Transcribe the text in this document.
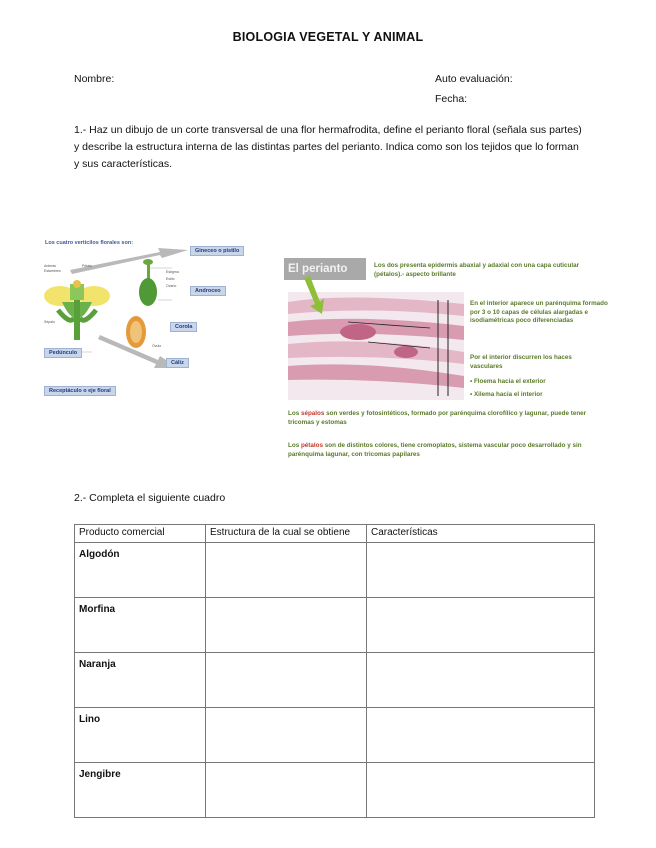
BIOLOGIA VEGETAL Y ANIMAL
Nombre:	Auto evaluación:
Fecha:
1.- Haz un dibujo de un corte transversal de una flor hermafrodita, define el perianto floral (señala sus partes) y describe la estructura interna de las distintas partes del perianto. Indica como son los tejidos que lo forman y sus características.
Los cuatro verticilos florales son:
Gineceo o pistilo
Androceo
Corola
Pedúnculo
Cáliz
Receptáculo o eje floral
Anteras
Estambres	Estigma
Estilo
Ovario
Pétalo
Sépalo
Óvulo
El perianto	Los dos presenta epidermis abaxial y adaxial con una capa cuticular (pétalos).- aspecto brillante
En el interior aparece un parénquima formado por 3 o 10 capas de células alargadas e isodiamétricas poco diferenciadas
Por el interior discurren los haces vasculares
• Floema hacia el exterior
• Xilema hacia el interior
Los sépalos son verdes y fotosintéticos, formado por parénquima clorofílico y lagunar, puede tener tricomas y estomas
Los pétalos son de distintos colores, tiene cromoplatos, sistema vascular poco desarrollado y sin parénquima lagunar, con tricomas papilares
2.- Completa el siguiente cuadro
Producto comercial	Estructura de la cual se obtiene	Características
Algodón		
Morfina		
Naranja		
Lino		
Jengibre		
